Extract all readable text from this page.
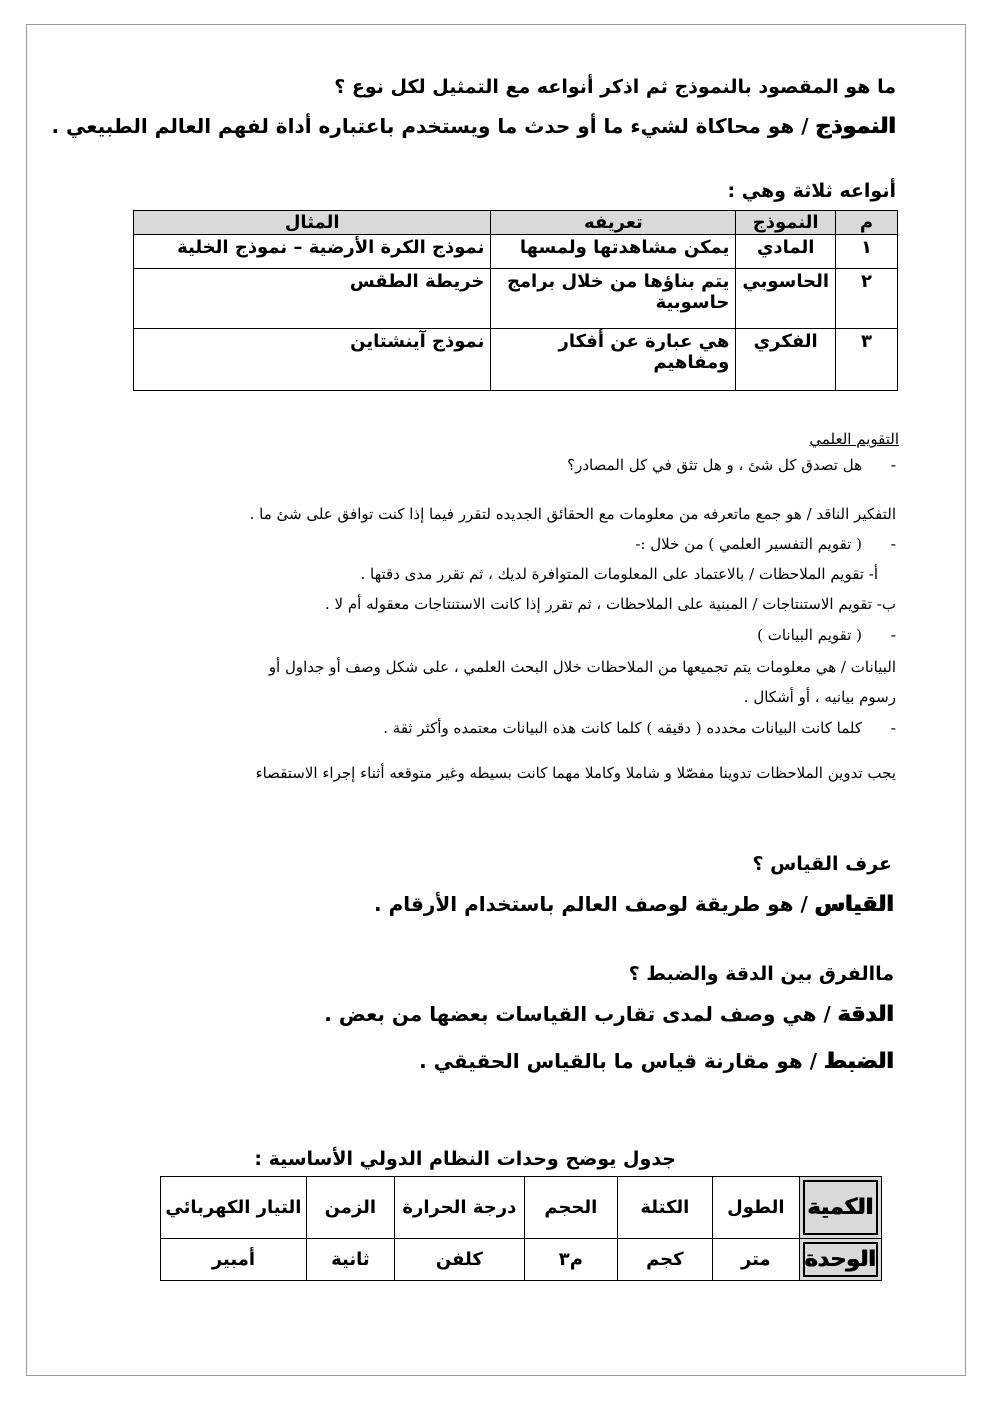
ما هو المقصود بالنموذج ثم اذكر أنواعه مع التمثيل لكل نوع ؟
النموذج / هو محاكاة لشيء ما أو حدث ما ويستخدم باعتباره أداة لفهم العالم الطبيعي .
أنواعه ثلاثة وهي :
م	النموذج	تعريفه	المثال
١	المادي	يمكن مشاهدتها ولمسها	نموذج الكرة الأرضية – نموذج الخلية
٢	الحاسوبي	يتم بناؤها من خلال برامج حاسوبية	خريطة الطقس
٣	الفكري	هي عبارة عن أفكار ومفاهيم	نموذج آينشتاين
التقويم العلمي
-
هل تصدق كل شئ ، و هل تثق في كل المصادر؟
التفكير الناقد / هو جمع ماتعرفه من معلومات مع الحقائق الجديده لتقرر فيما إذا كنت توافق على شئ ما .
-
( تقويم التفسير العلمي ) من خلال :-
أ- تقويم الملاحظات / بالاعتماد على المعلومات المتوافرة لديك ، ثم تقرر مدى دقتها .
ب- تقويم الاستنتاجات / المبنية على الملاحظات ، ثم تقرر إذا كانت الاستنتاجات معقوله أم لا .
-
( تقويم البيانات )
البيانات / هي معلومات يتم تجميعها من الملاحظات خلال البحث العلمي ، على شكل وصف أو جداول أو
رسوم بيانيه ، أو أشكال .
-
كلما كانت البيانات محدده ( دقيقه ) كلما كانت هذه البيانات معتمده وأكثر ثقة .
يجب تدوين الملاحظات تدوينا مفصّلا و شاملا وكاملا مهما كانت بسيطه وغير متوقعه أثناء إجراء الاستقصاء
عرف القياس ؟
القياس / هو طريقة لوصف العالم باستخدام الأرقام .
ماالفرق بين الدقة والضبط ؟
الدقة / هي وصف لمدى تقارب القياسات بعضها من بعض .
الضبط / هو مقارنة قياس ما بالقياس الحقيقي .
جدول يوضح وحدات النظام الدولي الأساسية :
الكمية	الطول	الكتلة	الحجم	درجة الحرارة	الزمن	التيار الكهربائي

الوحدة	متر	كجم	م٣	كلفن	ثانية	أمبير
